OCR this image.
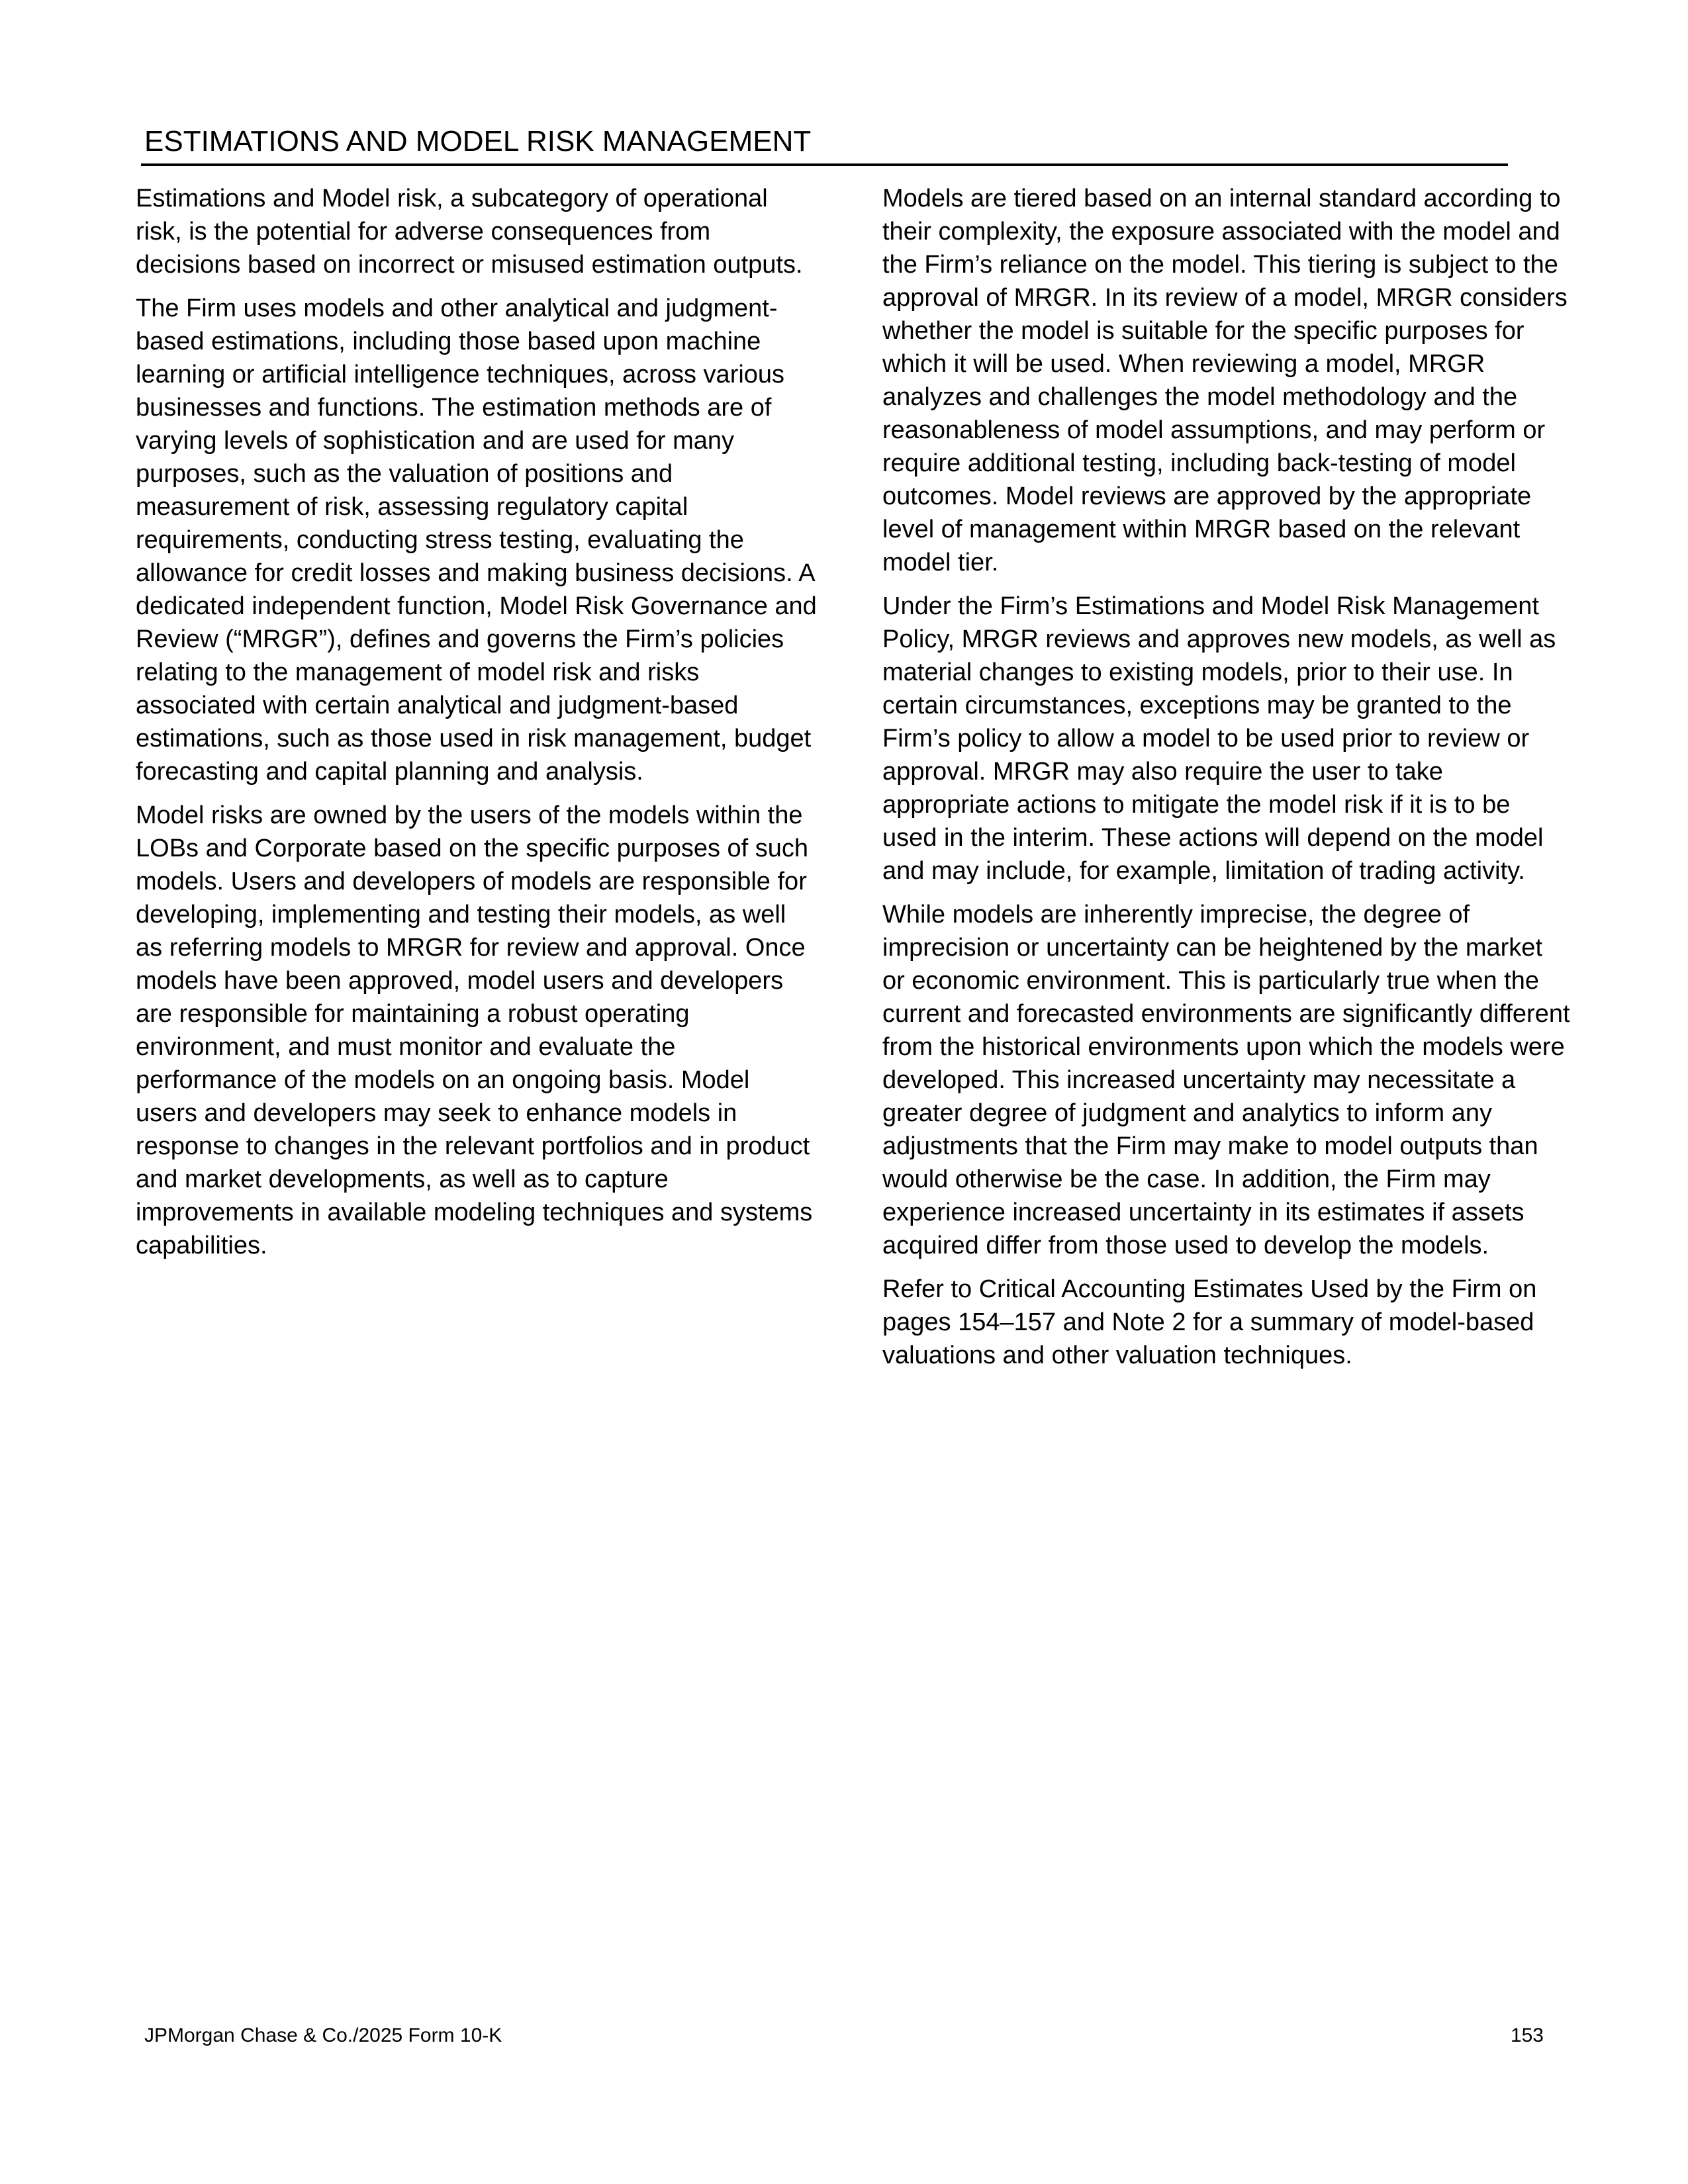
ESTIMATIONS AND MODEL RISK MANAGEMENT

Estimations and Model risk, a subcategory of operational risk, is the potential for adverse consequences from decisions based on incorrect or misused estimation outputs.

The Firm uses models and other analytical and judgment-based estimations, including those based upon machine learning or artificial intelligence techniques, across various businesses and functions. The estimation methods are of varying levels of sophistication and are used for many purposes, such as the valuation of positions and measurement of risk, assessing regulatory capital requirements, conducting stress testing, evaluating the allowance for credit losses and making business decisions. A dedicated independent function, Model Risk Governance and Review (“MRGR”), defines and governs the Firm’s policies relating to the management of model risk and risks associated with certain analytical and judgment-based estimations, such as those used in risk management, budget forecasting and capital planning and analysis.

Model risks are owned by the users of the models within the LOBs and Corporate based on the specific purposes of such models. Users and developers of models are responsible for developing, implementing and testing their models, as well as referring models to MRGR for review and approval. Once models have been approved, model users and developers are responsible for maintaining a robust operating environment, and must monitor and evaluate the performance of the models on an ongoing basis. Model users and developers may seek to enhance models in response to changes in the relevant portfolios and in product and market developments, as well as to capture improvements in available modeling techniques and systems capabilities.

Models are tiered based on an internal standard according to their complexity, the exposure associated with the model and the Firm’s reliance on the model. This tiering is subject to the approval of MRGR. In its review of a model, MRGR considers whether the model is suitable for the specific purposes for which it will be used. When reviewing a model, MRGR analyzes and challenges the model methodology and the reasonableness of model assumptions, and may perform or require additional testing, including back-testing of model outcomes. Model reviews are approved by the appropriate level of management within MRGR based on the relevant model tier.

Under the Firm’s Estimations and Model Risk Management Policy, MRGR reviews and approves new models, as well as material changes to existing models, prior to their use. In certain circumstances, exceptions may be granted to the Firm’s policy to allow a model to be used prior to review or approval. MRGR may also require the user to take appropriate actions to mitigate the model risk if it is to be used in the interim. These actions will depend on the model and may include, for example, limitation of trading activity.

While models are inherently imprecise, the degree of imprecision or uncertainty can be heightened by the market or economic environment. This is particularly true when the current and forecasted environments are significantly different from the historical environments upon which the models were developed. This increased uncertainty may necessitate a greater degree of judgment and analytics to inform any adjustments that the Firm may make to model outputs than would otherwise be the case. In addition, the Firm may experience increased uncertainty in its estimates if assets acquired differ from those used to develop the models.

Refer to Critical Accounting Estimates Used by the Firm on pages 154–157 and Note 2 for a summary of model-based valuations and other valuation techniques.

JPMorgan Chase & Co./2025 Form 10-K	153
